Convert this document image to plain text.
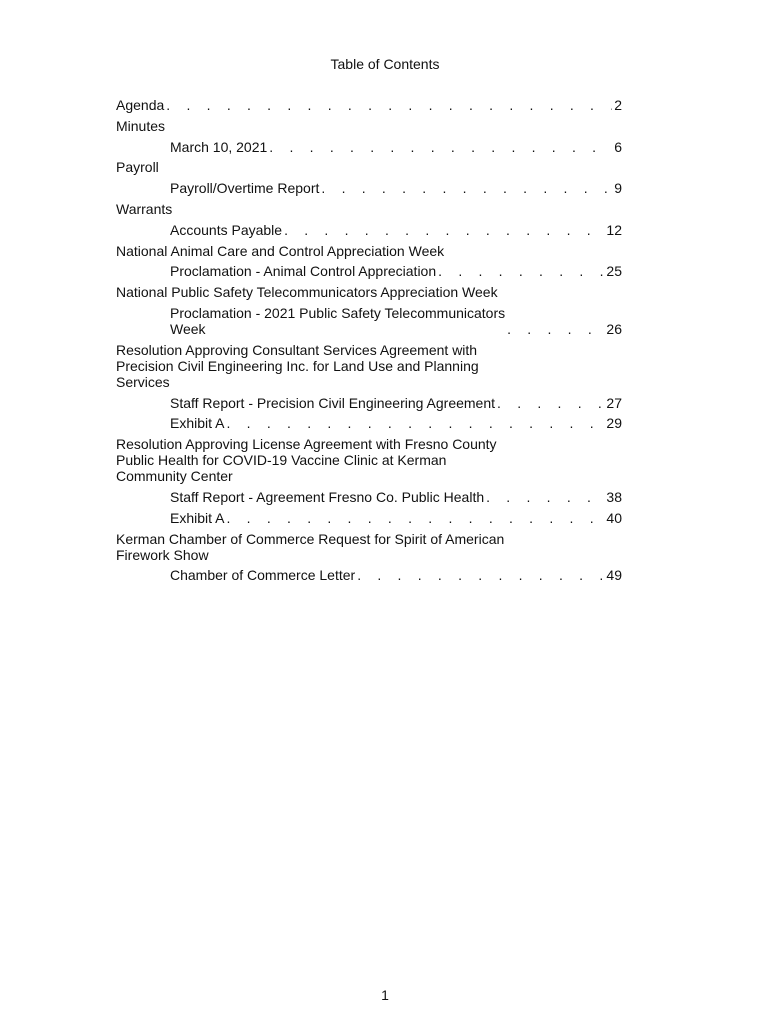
Table of Contents
Agenda . . .	2
Minutes
March 10, 2021 . . .	6
Payroll
Payroll/Overtime Report . . .	9
Warrants
Accounts Payable . . .	12
National Animal Care and Control Appreciation Week
Proclamation - Animal Control Appreciation . . .	25
National Public Safety Telecommunicators Appreciation Week
Proclamation - 2021 Public Safety Telecommunicators
Week . . .	26
Resolution Approving Consultant Services Agreement with
Precision Civil Engineering Inc. for Land Use and Planning
Services
Staff Report - Precision Civil Engineering Agreement . . .	27
Exhibit A . . .	29
Resolution Approving License Agreement with Fresno County
Public Health for COVID-19 Vaccine Clinic at Kerman
Community Center
Staff Report - Agreement Fresno Co. Public Health . . .	38
Exhibit A . . .	40
Kerman Chamber of Commerce Request for Spirit of American
Firework Show
Chamber of Commerce Letter . . .	49
1
